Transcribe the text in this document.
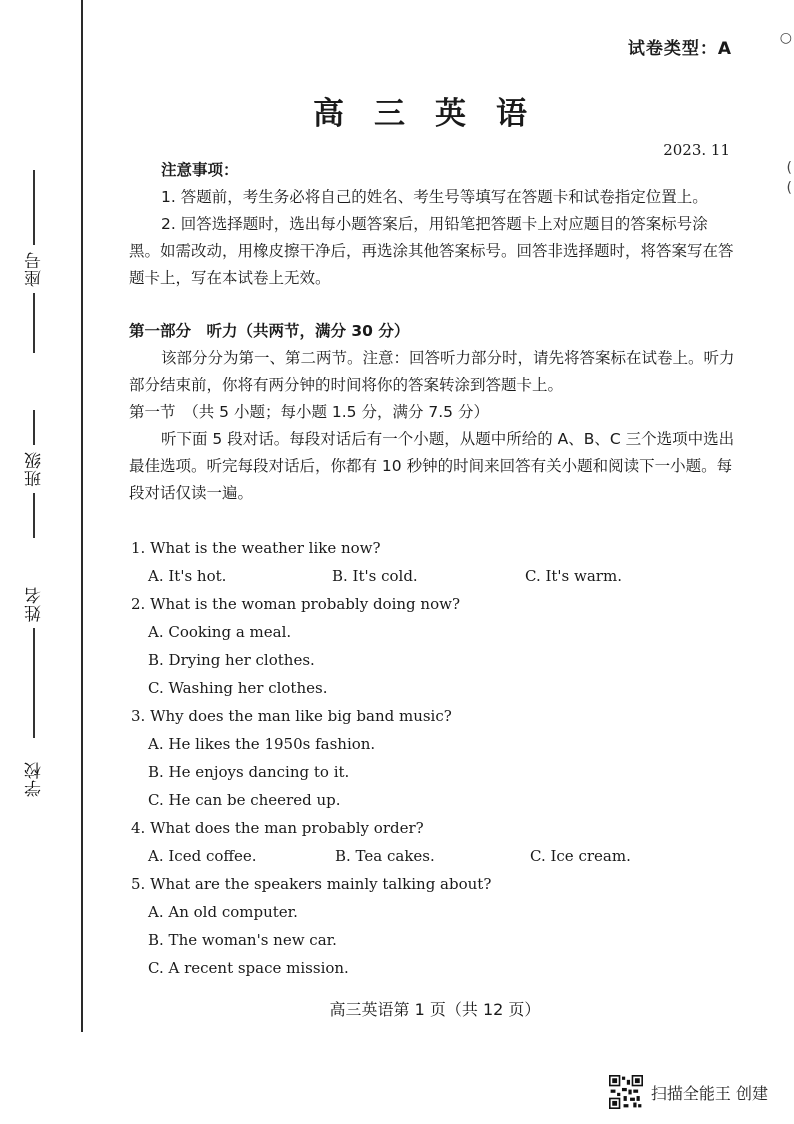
座号
班级
姓名
学校
○
(
(
试卷类型：A
高三英语
2023. 11

注意事项：

1. 答题前，考生务必将自己的姓名、考生号等填写在答题卡和试卷指定位置上。

2. 回答选择题时，选出每小题答案后，用铅笔把答题卡上对应题目的答案标号涂黑。如需改动，用橡皮擦干净后，再选涂其他答案标号。回答非选择题时，将答案写在答题卡上，写在本试卷上无效。

第一部分　听力（共两节，满分 30 分）

该部分分为第一、第二两节。注意：回答听力部分时，请先将答案标在试卷上。听力部分结束前，你将有两分钟的时间将你的答案转涂到答题卡上。

第一节　（共 5 小题；每小题 1.5 分，满分 7.5 分）

听下面 5 段对话。每段对话后有一个小题，从题中所给的 A、B、C 三个选项中选出最佳选项。听完每段对话后，你都有 10 秒钟的时间来回答有关小题和阅读下一小题。每段对话仅读一遍。

1. What is the weather like now?

A. It's hot.	B. It's cold.	C. It's warm.

2. What is the woman probably doing now?

A. Cooking a meal.

B. Drying her clothes.

C. Washing her clothes.

3. Why does the man like big band music?

A. He likes the 1950s fashion.

B. He enjoys dancing to it.

C. He can be cheered up.

4. What does the man probably order?

A. Iced coffee.	B. Tea cakes.	C. Ice cream.

5. What are the speakers mainly talking about?

A. An old computer.

B. The woman's new car.

C. A recent space mission.

高三英语第 1 页（共 12 页）
扫描全能王 创建
